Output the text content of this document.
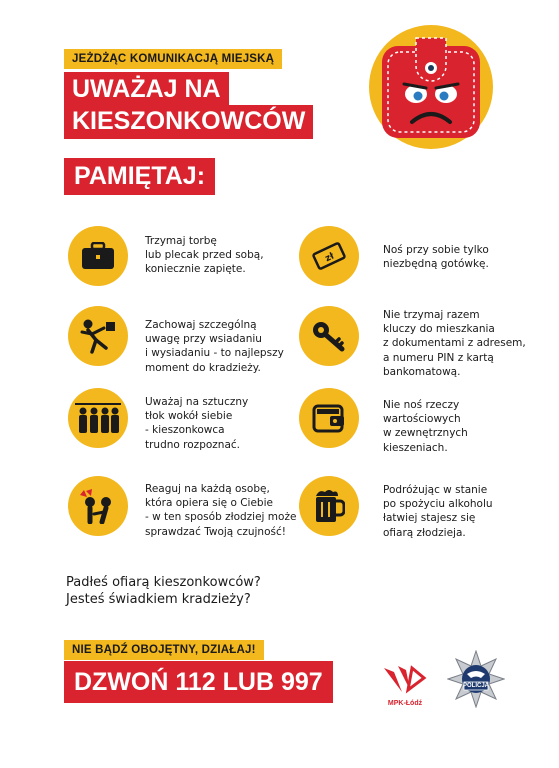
JEŻDŻĄC KOMUNIKACJĄ MIEJSKĄ
UWAŻAJ NA
KIESZONKOWCÓW
PAMIĘTAJ:
Trzymaj torbę
lub plecak przed sobą,
koniecznie zapięte.
Zachowaj szczególną
uwagę przy wsiadaniu
i wysiadaniu - to najlepszy
moment do kradzieży.
Uważaj na sztuczny
tłok wokół siebie
- kieszonkowca
trudno rozpoznać.
Reaguj na każdą osobę,
która opiera się o Ciebie
- w ten sposób złodziej może
sprawdzać Twoją czujność!
zł
Noś przy sobie tylko
niezbędną gotówkę.
Nie trzymaj razem
kluczy do mieszkania
z dokumentami z adresem,
a numeru PIN z kartą
bankomatową.
Nie noś rzeczy
wartościowych
w zewnętrznych
kieszeniach.
Podróżując w stanie
po spożyciu alkoholu
łatwiej stajesz się
ofiarą złodzieja.
Padłeś ofiarą kieszonkowców?
Jesteś świadkiem kradzieży?
NIE BĄDŹ OBOJĘTNY, DZIAŁAJ!
DZWOŃ 112 LUB 997
MPK-Łódź
POLICJA
